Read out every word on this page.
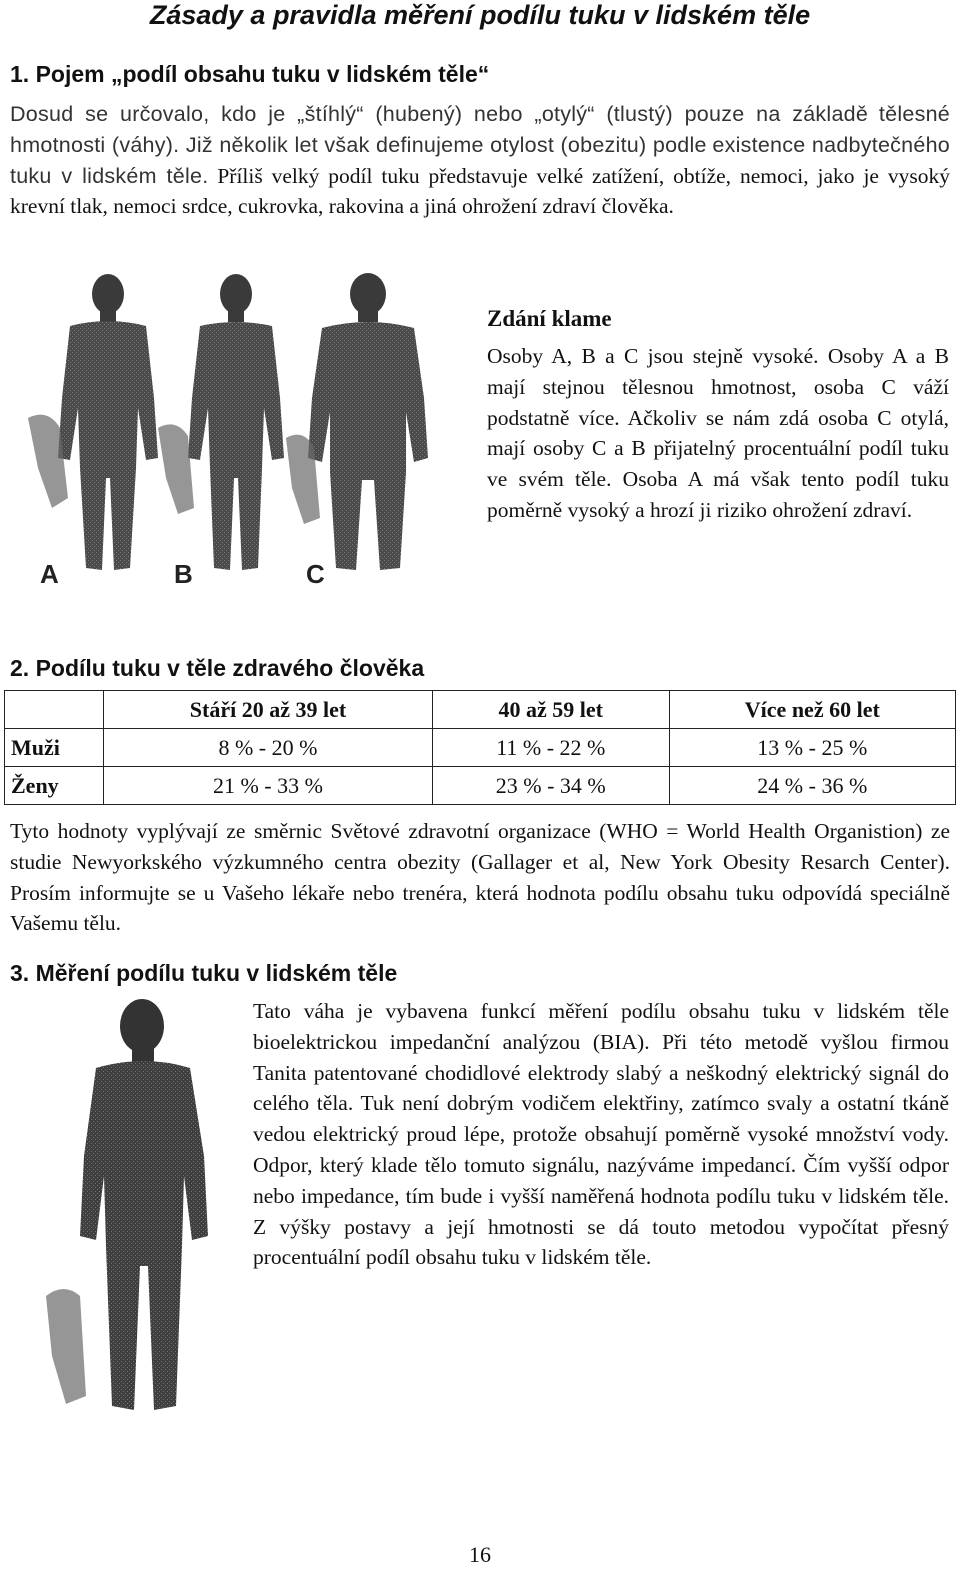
Zásady a pravidla měření podílu tuku v lidském těle
1. Pojem „podíl obsahu tuku v lidském těle“
Dosud se určovalo, kdo je „štíhlý“ (hubený) nebo „otylý“ (tlustý) pouze na základě tělesné hmotnosti (váhy). Již několik let však definujeme otylost (obezitu) podle existence nadbytečného tuku v lidském těle. Příliš velký podíl tuku představuje velké zatížení, obtíže, nemoci, jako je vysoký krevní tlak, nemoci srdce, cukrovka, rakovina a jiná ohrožení zdraví člověka.
A	B	C
Zdání klame
Osoby A, B a C jsou stejně vysoké. Osoby A a B mají stejnou tělesnou hmotnost, osoba C váží podstatně více. Ačkoliv se nám zdá osoba C otylá, mají osoby C a B přijatelný procentuální podíl tuku ve svém těle. Osoba A má však tento podíl tuku poměrně vysoký a hrozí ji riziko ohrožení zdraví.
2. Podílu tuku v těle zdravého člověka
	Stáří 20 až 39 let	40 až 59 let	Více než 60 let
Muži	8 % - 20 %	11 % - 22 %	13 % - 25 %
Ženy	21 % - 33 %	23 % - 34 %	24 % - 36 %
Tyto hodnoty vyplývají ze směrnic Světové zdravotní organizace (WHO = World Health Organistion) ze studie Newyorkského výzkumného centra obezity (Gallager et al, New York Obesity Resarch Center). Prosím informujte se u Vašeho lékaře nebo trenéra, která hodnota podílu obsahu tuku odpovídá speciálně Vašemu tělu.
3. Měření podílu tuku v lidském těle
Tato váha je vybavena funkcí měření podílu obsahu tuku v lidském těle bioelektrickou impedanční analýzou (BIA). Při této metodě vyšlou firmou Tanita patentované chodidlové elektrody slabý a neškodný elektrický signál do celého těla. Tuk není dobrým vodičem elektřiny, zatímco svaly a ostatní tkáně vedou elektrický proud lépe, protože obsahují poměrně vysoké množství vody. Odpor, který klade tělo tomuto signálu, nazýváme impedancí. Čím vyšší odpor nebo impedance, tím bude i vyšší naměřená hodnota podílu tuku v lidském těle. Z výšky postavy a její hmotnosti se dá touto metodou vypočítat přesný procentuální podíl obsahu tuku v lidském těle.
16
